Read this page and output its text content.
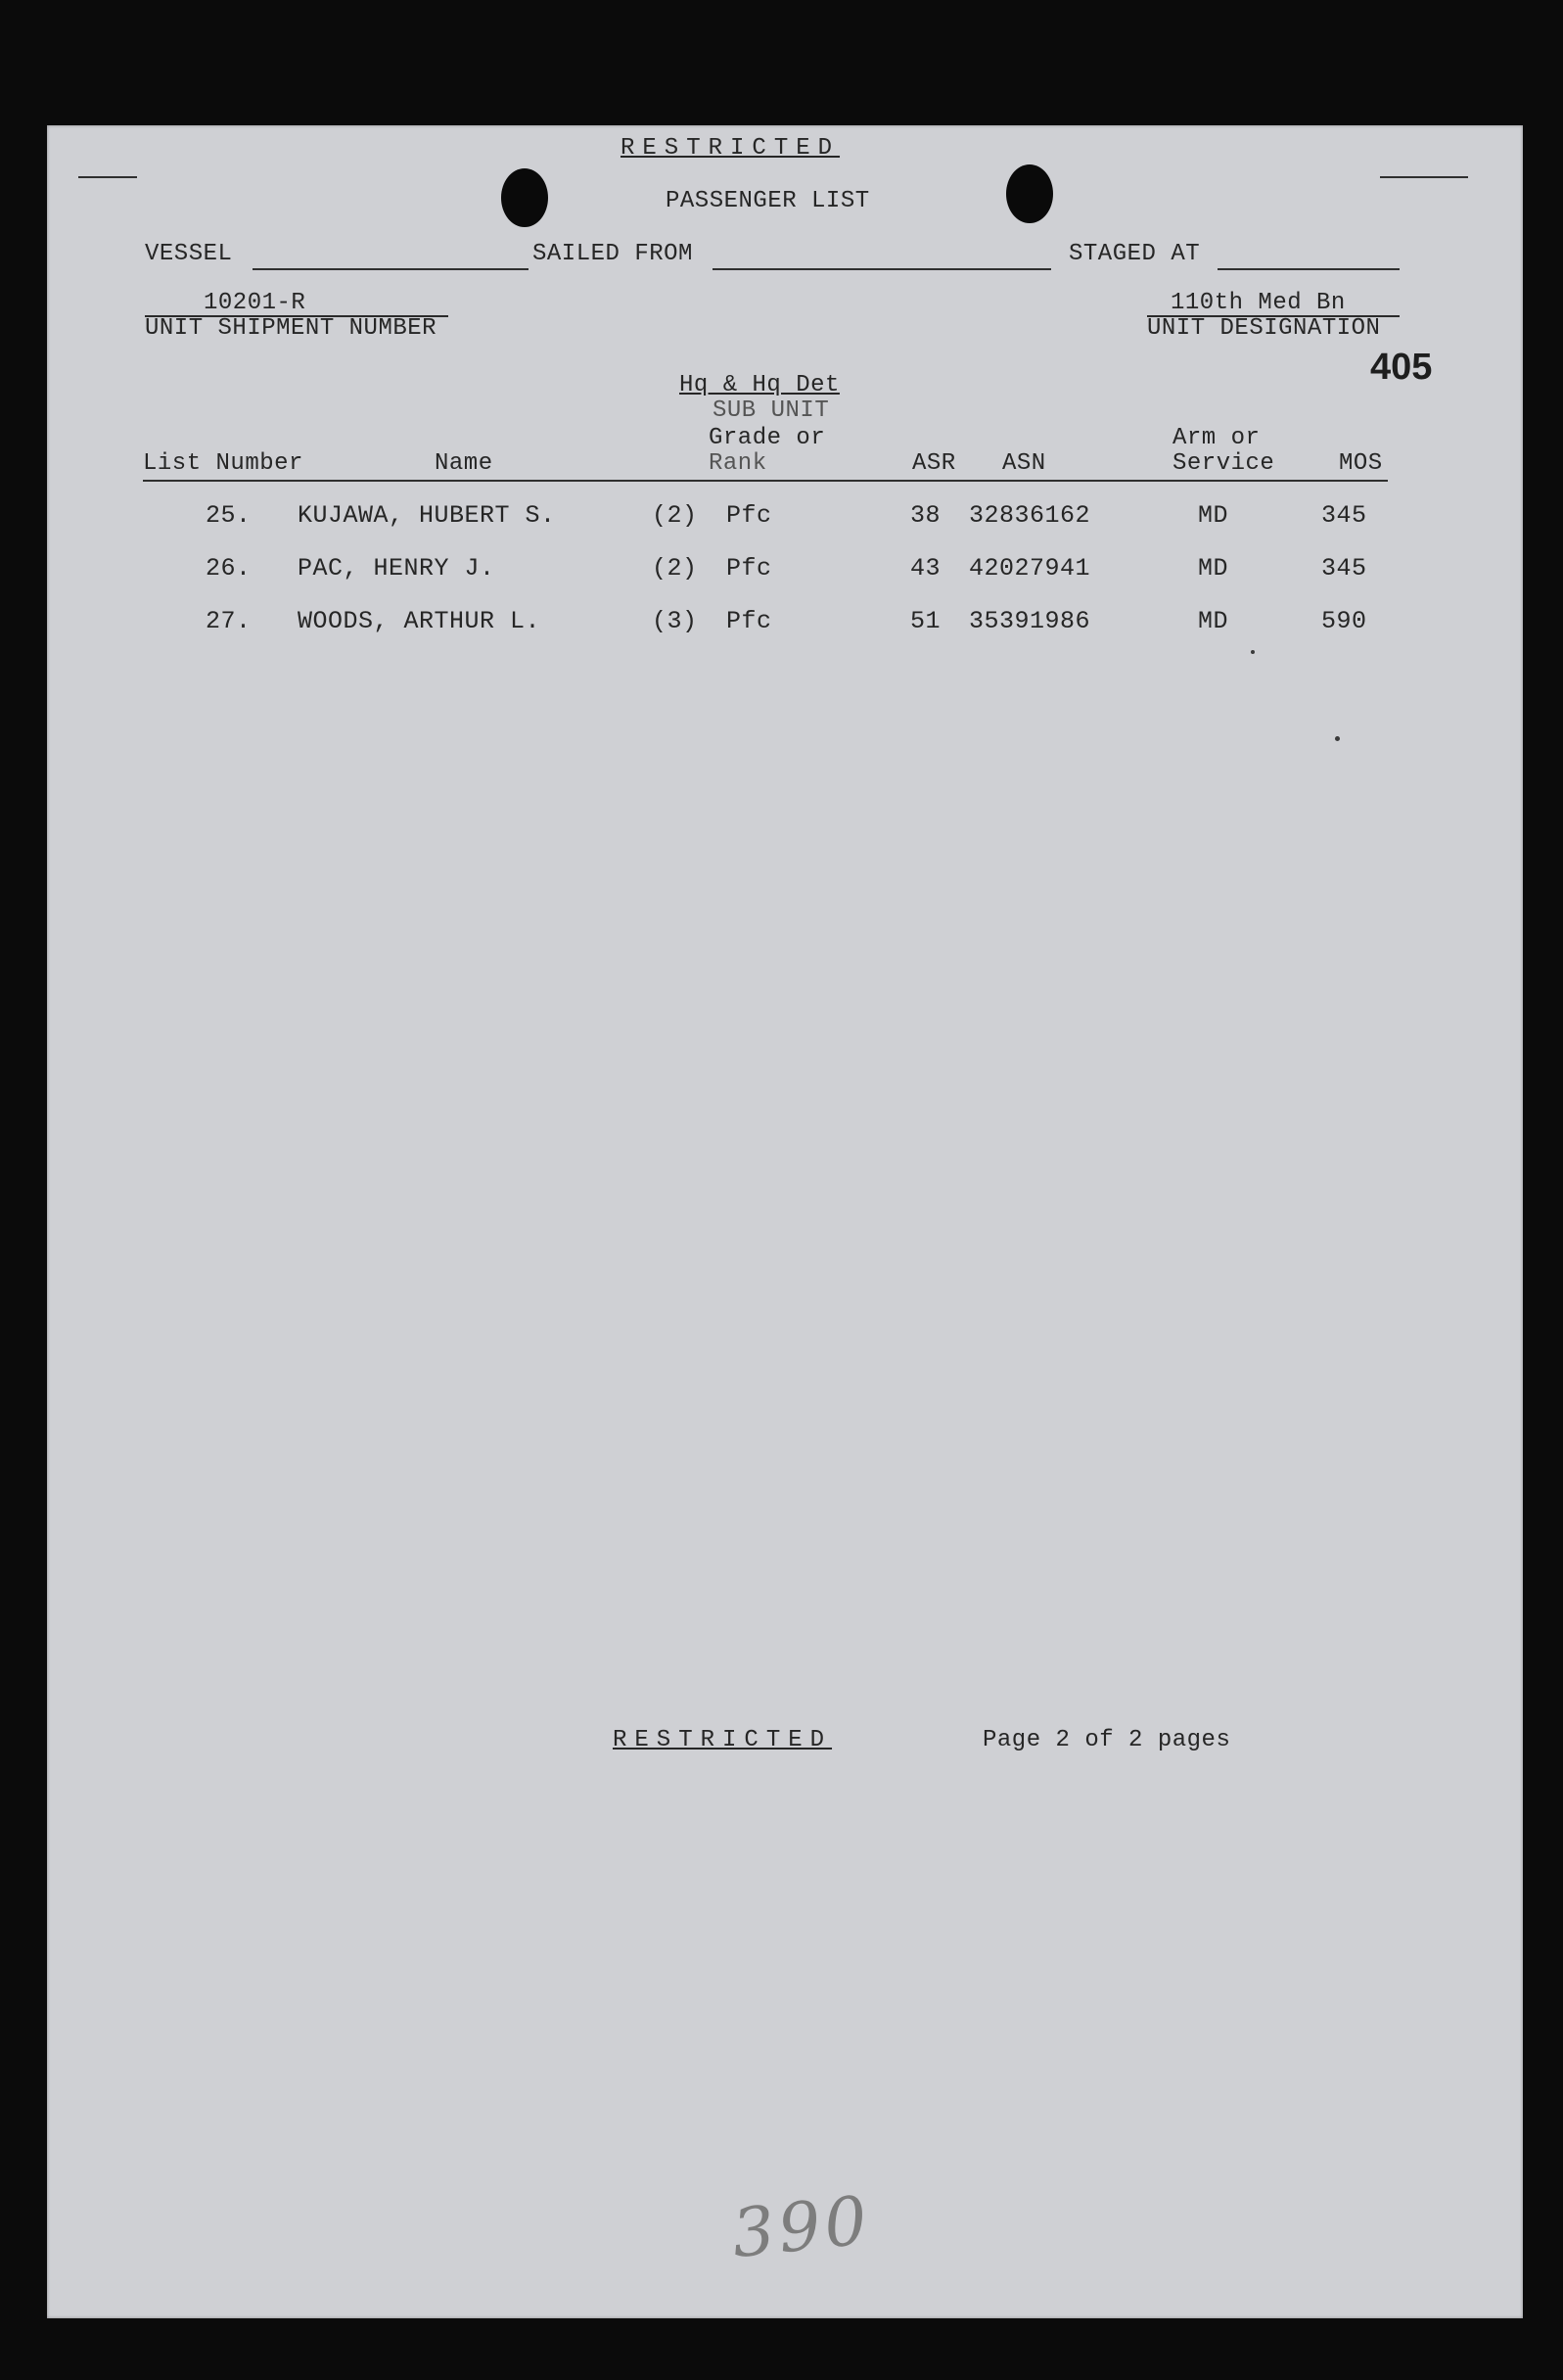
RESTRICTED
PASSENGER LIST
VESSEL	SAILED FROM	STAGED AT
10201-R
UNIT SHIPMENT NUMBER
110th Med Bn
UNIT DESIGNATION
405
Hq & Hq Det
SUB UNIT
Grade or	Arm or
List Number	Name	Rank	ASR ASN	Service	MOS
25. KUJAWA, HUBERT S.	(2) Pfc	38 32836162	MD	345
26. PAC, HENRY J.	(2) Pfc	43 42027941	MD	345
27. WOODS, ARTHUR L.	(3) Pfc	51 35391986	MD	590
RESTRICTED	Page 2 of 2 pages
390
